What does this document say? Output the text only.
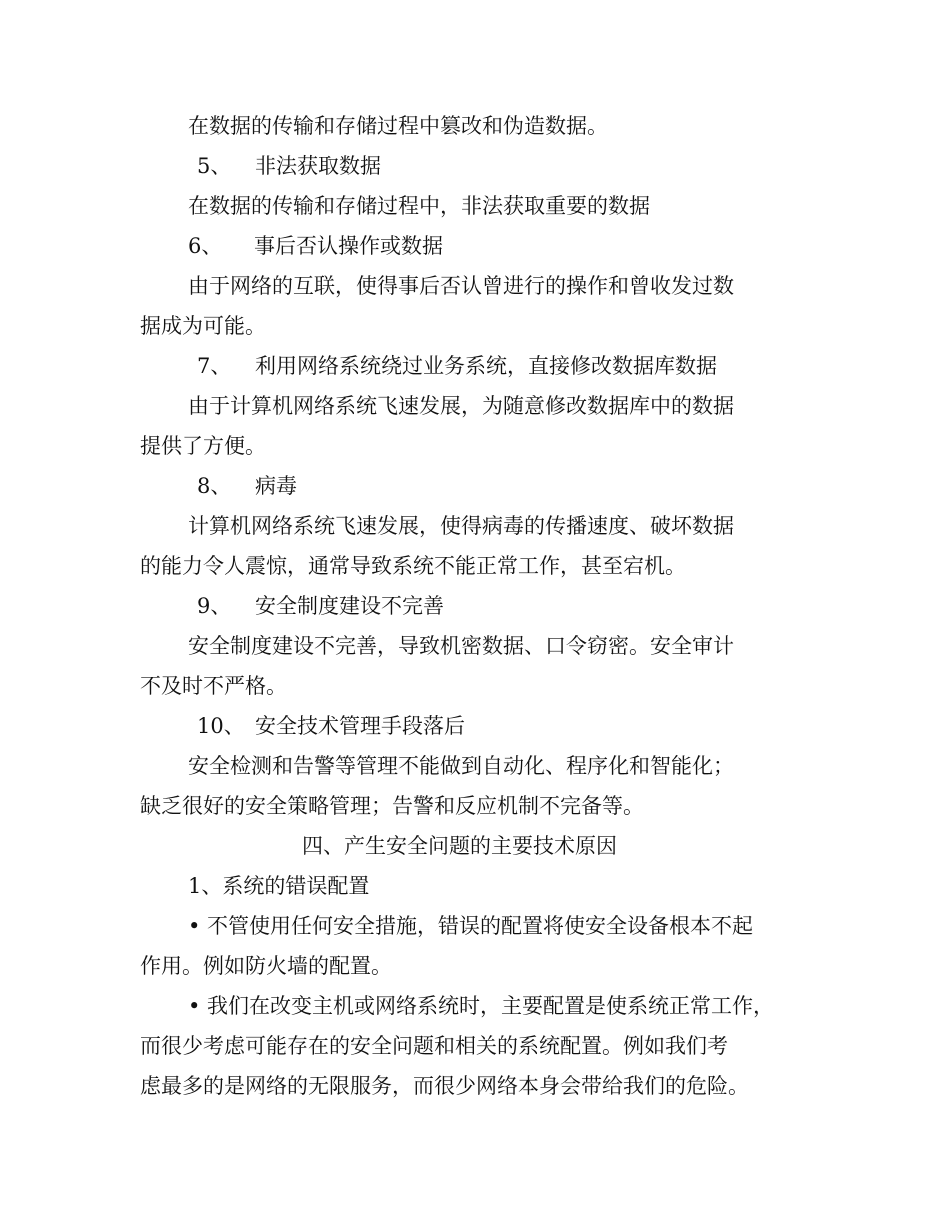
在数据的传输和存储过程中篡改和伪造数据。
5、 非法获取数据
在数据的传输和存储过程中，非法获取重要的数据
6、 事后否认操作或数据
由于网络的互联，使得事后否认曾进行的操作和曾收发过数
据成为可能。
7、 利用网络系统绕过业务系统，直接修改数据库数据
由于计算机网络系统飞速发展，为随意修改数据库中的数据
提供了方便。
8、 病毒
计算机网络系统飞速发展，使得病毒的传播速度、破坏数据
的能力令人震惊，通常导致系统不能正常工作，甚至宕机。
9、 安全制度建设不完善
安全制度建设不完善，导致机密数据、口令窃密。安全审计
不及时不严格。
10、 安全技术管理手段落后
安全检测和告警等管理不能做到自动化、程序化和智能化；
缺乏很好的安全策略管理；告警和反应机制不完备等。
四、产生安全问题的主要技术原因
1、系统的错误配置
• 不管使用任何安全措施，错误的配置将使安全设备根本不起
作用。例如防火墙的配置。
• 我们在改变主机或网络系统时，主要配置是使系统正常工作，
而很少考虑可能存在的安全问题和相关的系统配置。例如我们考
虑最多的是网络的无限服务，而很少网络本身会带给我们的危险。
